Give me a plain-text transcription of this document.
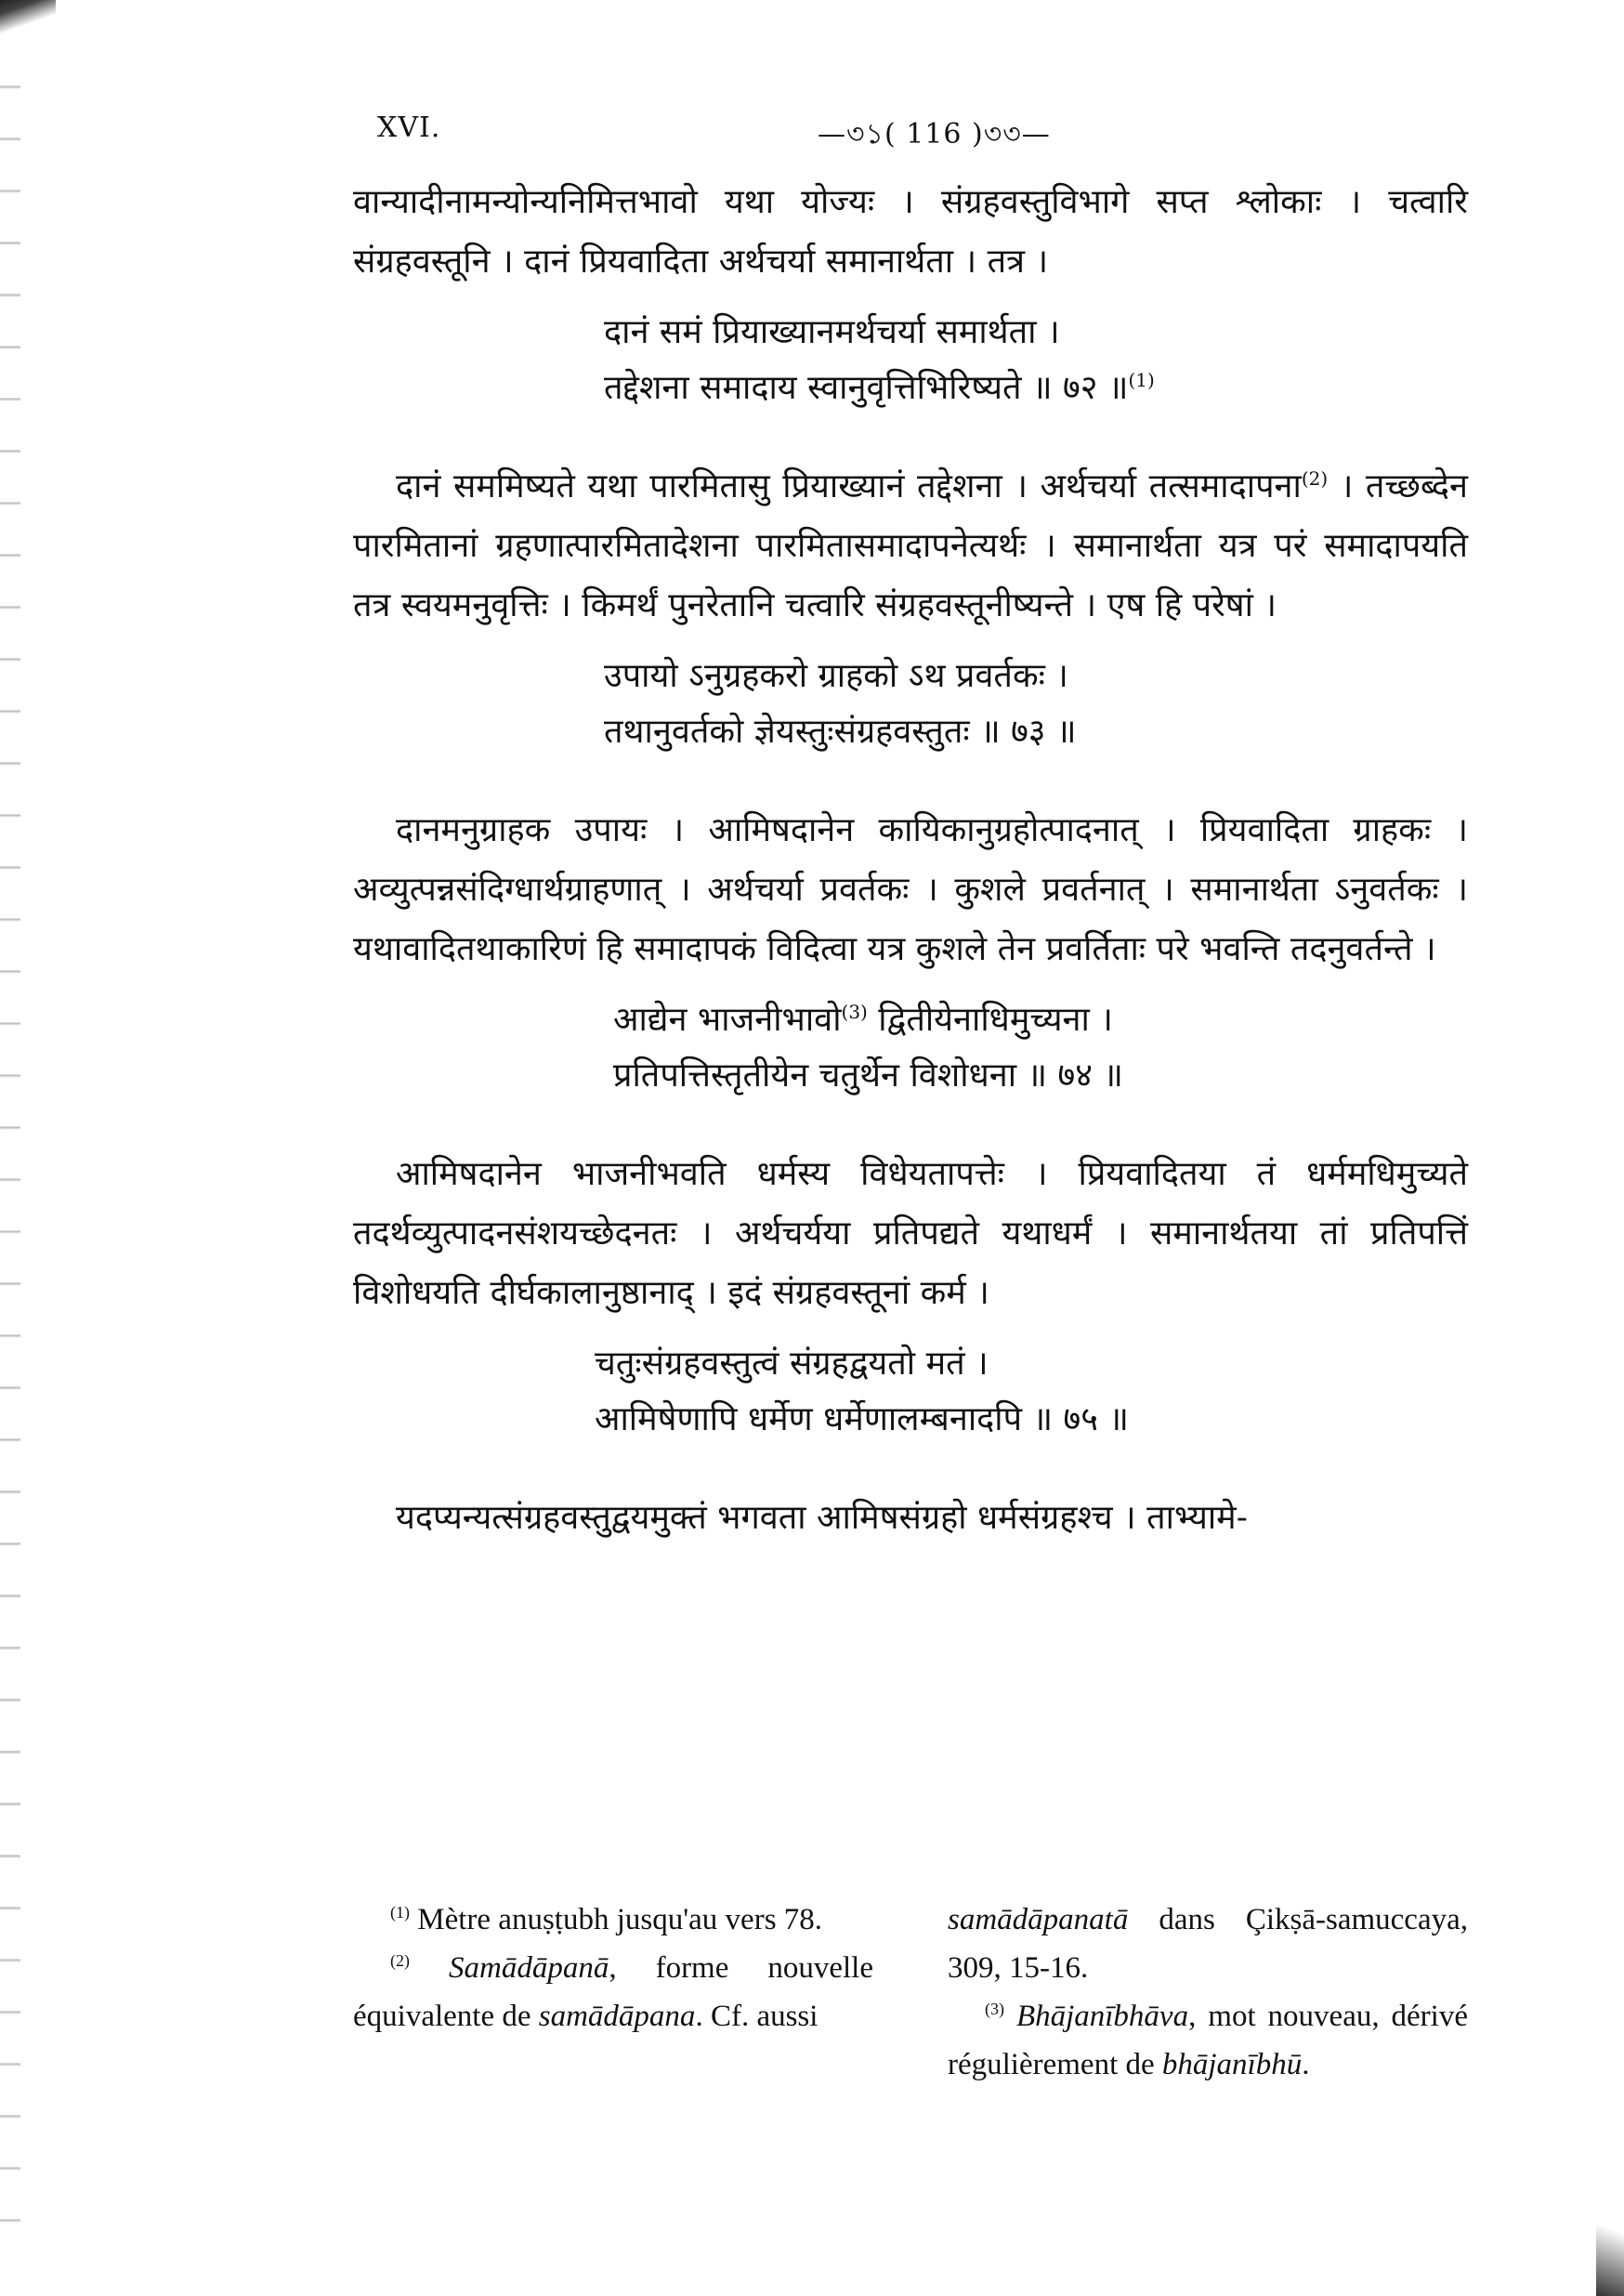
XVI.	—৩১( 116 )৩৩—

वान्यादीनामन्योन्यनिमित्तभावो यथा योज्यः । संग्रहवस्तुविभागे सप्त श्लोकाः । चत्वारि संग्रहवस्तूनि । दानं प्रियवादिता अर्थचर्या समानार्थता । तत्र ।

दानं समं प्रियाख्यानमर्थचर्या समार्थता ।
तद्देशना समादाय स्वानुवृत्तिभिरिष्यते ॥ ७२ ॥$^{(1)}$

दानं सममिष्यते यथा पारमितासु प्रियाख्यानं तद्देशना । अर्थचर्या तत्समादापना$^{(2)}$ । तच्छब्देन पारमितानां ग्रहणात्पारमितादेशना पारमितासमादापनेत्यर्थः । समानार्थता यत्र परं समादापयति तत्र स्वयमनुवृत्तिः । किमर्थं पुनरेतानि चत्वारि संग्रहवस्तूनीष्यन्ते । एष हि परेषां ।

उपायो ऽनुग्रहकरो ग्राहको ऽथ प्रवर्तकः ।
तथानुवर्तको ज्ञेयस्तुःसंग्रहवस्तुतः ॥ ७३ ॥

दानमनुग्राहक उपायः । आमिषदानेन कायिकानुग्रहोत्पादनात् । प्रियवादिता ग्राहकः । अव्युत्पन्नसंदिग्धार्थग्राहणात् । अर्थचर्या प्रवर्तकः । कुशले प्रवर्तनात् । समानार्थता ऽनुवर्तकः । यथावादितथाकारिणं हि समादापकं विदित्वा यत्र कुशले तेन प्रवर्तिताः परे भवन्ति तदनुवर्तन्ते ।

आद्येन भाजनीभावो$^{(3)}$ द्वितीयेनाधिमुच्यना ।
प्रतिपत्तिस्तृतीयेन चतुर्थेन विशोधना ॥ ७४ ॥

आमिषदानेन भाजनीभवति धर्मस्य विधेयतापत्तेः । प्रियवादितया तं धर्ममधिमुच्यते तदर्थव्युत्पादनसंशयच्छेदनतः । अर्थचर्यया प्रतिपद्यते यथाधर्मं । समानार्थतया तां प्रतिपत्तिं विशोधयति दीर्घकालानुष्ठानाद् । इदं संग्रहवस्तूनां कर्म ।

चतुःसंग्रहवस्तुत्वं संग्रहद्वयतो मतं ।
आमिषेणापि धर्मेण धर्मेणालम्बनादपि ॥ ७५ ॥

यदप्यन्यत्संग्रहवस्तुद्वयमुक्तं भगवता आमिषसंग्रहो धर्मसंग्रहश्च । ताभ्यामे-

$^{(1)}$ Mètre anuṣṭubh jusqu'au vers 78.

$^{(2)}$ Samādāpanā, forme nouvelle équivalente de samādāpana. Cf. aussi

samādāpanatā dans Çikṣā-samuccaya, 309, 15-16.

$^{(3)}$ Bhājanībhāva, mot nouveau, dérivé régulièrement de bhājanībhū.
